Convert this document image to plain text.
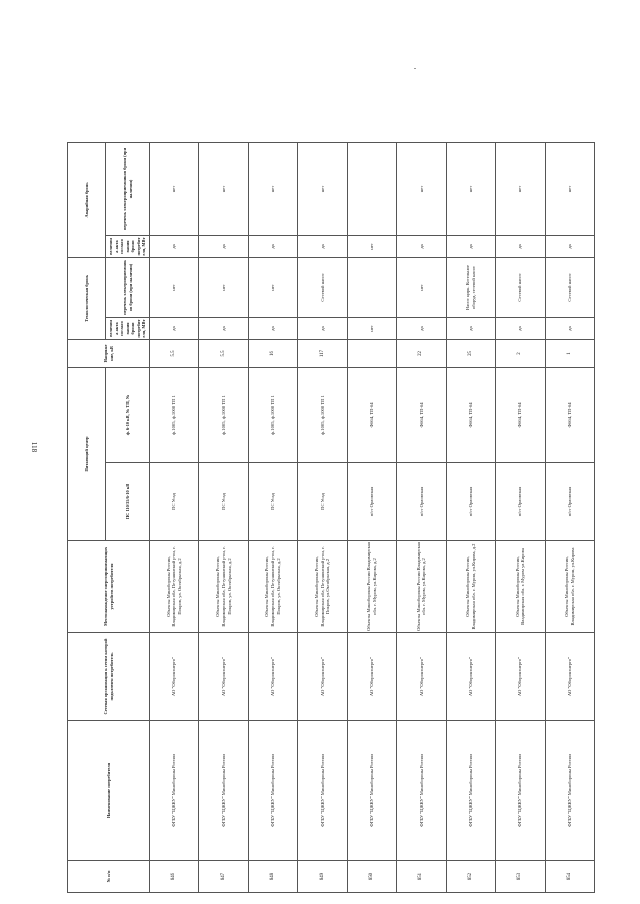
118
№ п/п	Наименование потребителя	Сетевая организация к сетям которой подключен потребитель	Местонахождение энергопринимающих устройств потребителя	Питающий центр		Напряже ние, кВ	Технологическая бронь		Аварийная бронь	
				ПС 110/35/6-10 кВ	ф. 6-10 кВ, № ТП, №		величина акта согласо вания брони потребит еля, МВт	перечень электроприемник ов брони (при наличии)	величина акта согласо вания брони потребит еля, МВт	перечень электроприемников брони (при наличии)

846	ФГБУ "ЦЖКУ" Минобороны России	АО "Оборонэнерго"	Объекты Минобороны России, Владимирская обл, Петушинский р-он, г. Покров, ул. Октябрьская, д.2	ПС Усад	ф.1005, ф.1008 ТП 1	5.5	да	нет	да	нет
847	ФГБУ "ЦЖКУ" Минобороны России	АО "Оборонэнерго"	Объекты Минобороны России, Владимирская обл, Петушинский р-он, г. Покров, ул. Октябрьская, д.2	ПС Усад	ф.1005, ф.1008 ТП 1	5.5	да	нет	да	нет
848	ФГБУ "ЦЖКУ" Минобороны России	АО "Оборонэнерго"	Объекты Минобороны России, Владимирская обл, Петушинский р-он, г. Покров, ул. Октябрьская, д.2	ПС Усад	ф.1005, ф.1008 ТП 1	16	да	нет	да	нет
849	ФГБУ "ЦЖКУ" Минобороны России	АО "Оборонэнерго"	Объекты Минобороны России, Владимирская обл, Петушинский р-он, г. Покров, ул.Октябрьская, д.2	ПС Усад	ф.1005, ф.1008 ТП 1	117	да	Сетевой насос	да	нет
850	ФГБУ "ЦЖКУ" Минобороны России	АО "Оборонэнерго"	Объекты Минобороны России Владимирская обл. г. Муром, ул.Кирова, д.2	п/ст Орловская	Ф664, ТП-64		нет		нет	
851	ФГБУ "ЦЖКУ" Минобороны России	АО "Оборонэнерго"	Объекты Минобороны России Владимирская обл. г. Муром, ул.Кирова, д.2	п/ст Орловская	Ф664, ТП-64	22	да	нет	да	нет
852	ФГБУ "ЦЖКУ" Минобороны России	АО "Оборонэнерго"	Объекты Минобороны России, Владимирская обл. г. Муром, ул.Кирова, д.2	п/ст Орловская	Ф664, ТП-64	25	да	Насос цирк. Котельное оборуд. сетевой насос	да	нет
853	ФГБУ "ЦЖКУ" Минобороны России	АО "Оборонэнерго"	Объекты Минобороны России, Владимирская обл. г. Муром ул.Кирова	п/ст Орловская	Ф664, ТП-64	2	да	Сетевой насос	да	нет
854	ФГБУ "ЦЖКУ" Минобороны России	АО "Оборонэнерго"	Объекты Минобороны России, Владимирская обл. г. Муром, ул.Кирова	п/ст Орловская	Ф664, ТП-64	1	да	Сетевой насос	да	нет
